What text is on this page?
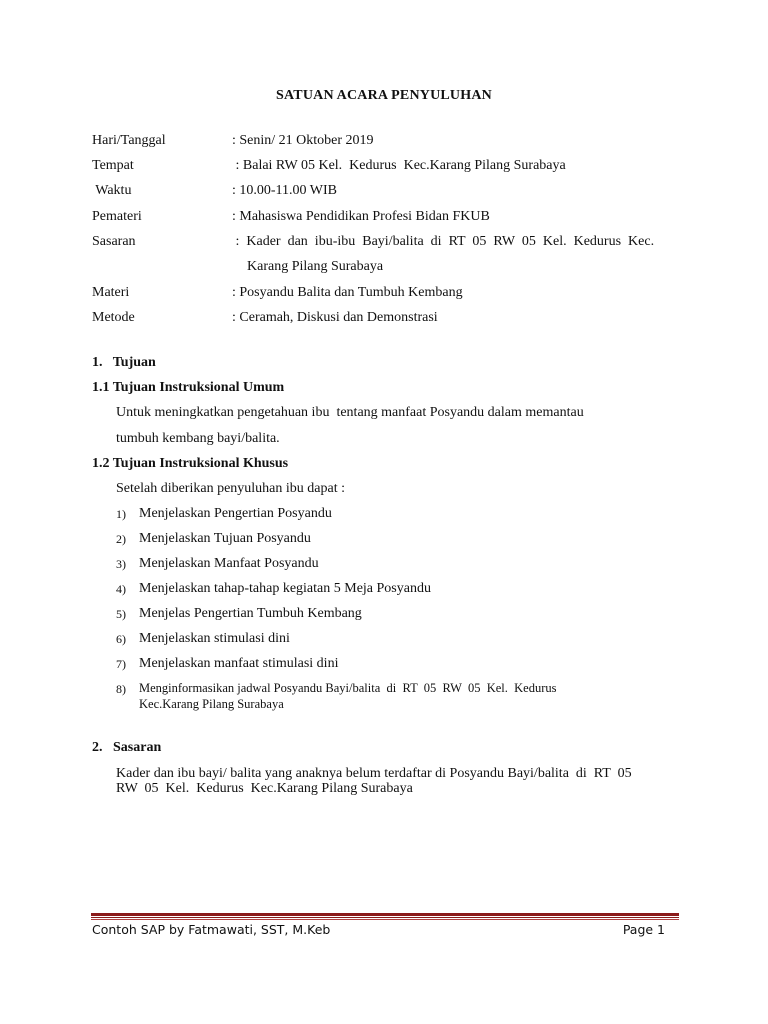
SATUAN ACARA PENYULUHAN
Hari/Tanggal	: Senin/ 21 Oktober 2019
Tempat	: Balai RW 05 Kel.  Kedurus  Kec.Karang Pilang Surabaya
Waktu	: 10.00-11.00 WIB
Pemateri	: Mahasiswa Pendidikan Profesi Bidan FKUB
Sasaran	:  Kader  dan  ibu-ibu  Bayi/balita  di  RT  05  RW  05  Kel.  Kedurus  Kec.
Karang Pilang Surabaya
Materi	: Posyandu Balita dan Tumbuh Kembang
Metode	: Ceramah, Diskusi dan Demonstrasi
1.   Tujuan
1.1 Tujuan Instruksional Umum
Untuk meningkatkan pengetahuan ibu  tentang manfaat Posyandu dalam memantau
tumbuh kembang bayi/balita.
1.2 Tujuan Instruksional Khusus
Setelah diberikan penyuluhan ibu dapat :
1) Menjelaskan Pengertian Posyandu
2) Menjelaskan Tujuan Posyandu
3) Menjelaskan Manfaat Posyandu
4) Menjelaskan tahap-tahap kegiatan 5 Meja Posyandu
5) Menjelas Pengertian Tumbuh Kembang
6) Menjelaskan stimulasi dini
7) Menjelaskan manfaat stimulasi dini
8) Menginformasikan jadwal Posyandu Bayi/balita  di  RT  05  RW  05  Kel.  Kedurus
Kec.Karang Pilang Surabaya
2.   Sasaran
Kader dan ibu bayi/ balita yang anaknya belum terdaftar di Posyandu Bayi/balita  di  RT  05
RW  05  Kel.  Kedurus  Kec.Karang Pilang Surabaya
Contoh SAP by Fatmawati, SST, M.Keb	Page 1
